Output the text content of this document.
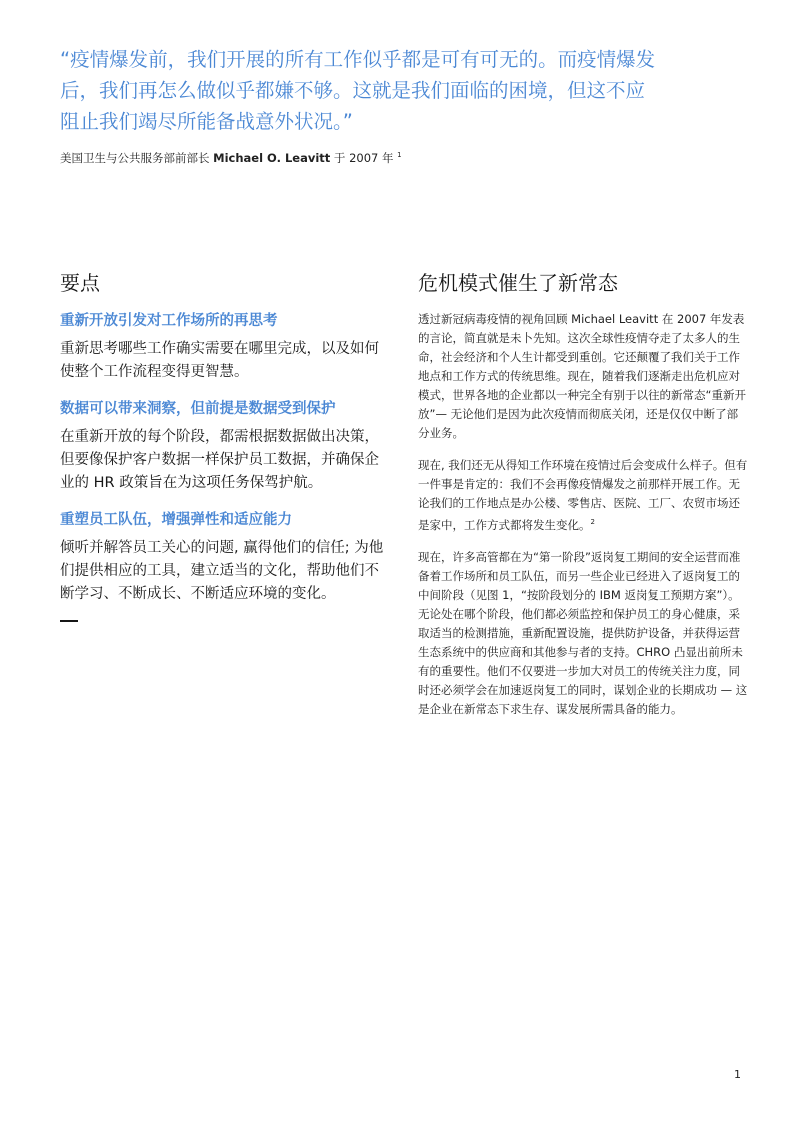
“疫情爆发前，我们开展的所有工作似乎都是可有可无的。而疫情爆发后，我们再怎么做似乎都嫌不够。这就是我们面临的困境，但这不应阻止我们竭尽所能备战意外状况。”

美国卫生与公共服务部前部长 Michael O. Leavitt 于 2007 年 $^1$

要点
重新开放引发对工作场所的再思考

重新思考哪些工作确实需要在哪里完成，以及如何使整个工作流程变得更智慧。

数据可以带来洞察，但前提是数据受到保护

在重新开放的每个阶段，都需根据数据做出决策，但要像保护客户数据一样保护员工数据，并确保企业的 HR 政策旨在为这项任务保驾护航。

重塑员工队伍，增强弹性和适应能力

倾听并解答员工关心的问题, 赢得他们的信任; 为他们提供相应的工具，建立适当的文化，帮助他们不断学习、不断成长、不断适应环境的变化。

危机模式催生了新常态

透过新冠病毒疫情的视角回顾 Michael Leavitt 在 2007 年发表的言论，简直就是未卜先知。这次全球性疫情夺走了太多人的生命，社会经济和个人生计都受到重创。它还颠覆了我们关于工作地点和工作方式的传统思维。现在，随着我们逐渐走出危机应对模式，世界各地的企业都以一种完全有别于以往的新常态“重新开放”— 无论他们是因为此次疫情而彻底关闭，还是仅仅中断了部分业务。

现在, 我们还无从得知工作环境在疫情过后会变成什么样子。但有一件事是肯定的：我们不会再像疫情爆发之前那样开展工作。无论我们的工作地点是办公楼、零售店、医院、工厂、农贸市场还是家中，工作方式都将发生变化。$^2$

现在，许多高管都在为“第一阶段”返岗复工期间的安全运营而准备着工作场所和员工队伍，而另一些企业已经进入了返岗复工的中间阶段（见图 1，“按阶段划分的 IBM 返岗复工预期方案”）。无论处在哪个阶段，他们都必须监控和保护员工的身心健康，采取适当的检测措施，重新配置设施，提供防护设备，并获得运营生态系统中的供应商和其他参与者的支持。CHRO 凸显出前所未有的重要性。他们不仅要进一步加大对员工的传统关注力度，同时还必须学会在加速返岗复工的同时，谋划企业的长期成功 — 这是企业在新常态下求生存、谋发展所需具备的能力。

1
